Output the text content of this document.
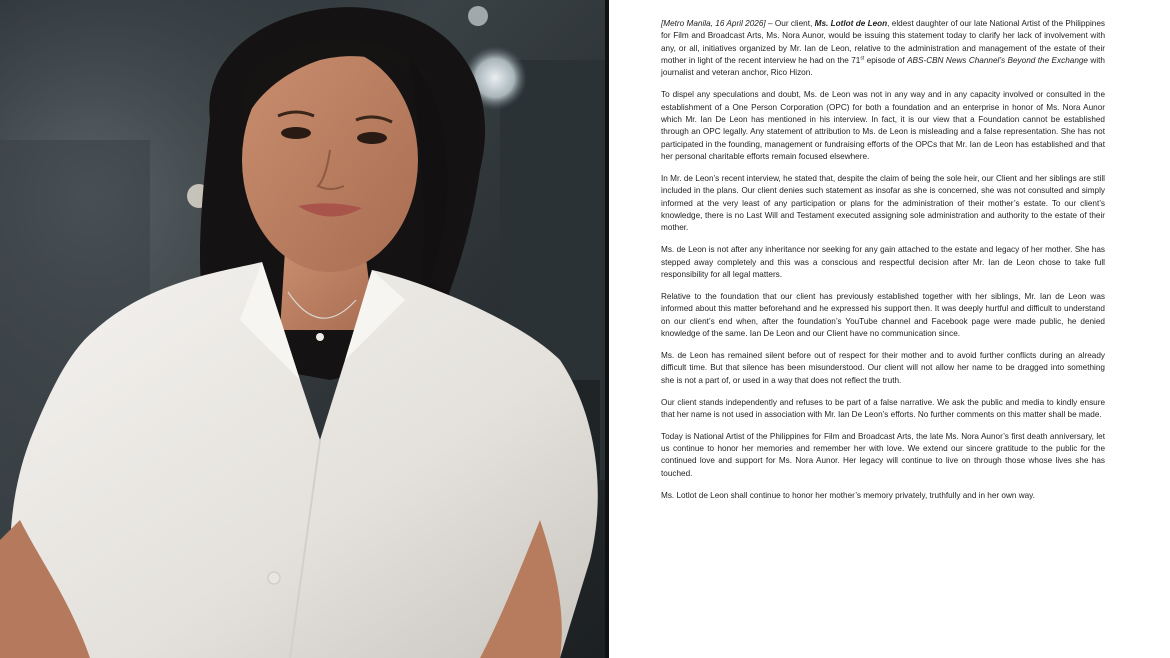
[Metro Manila, 16 April 2026] – Our client, Ms. Lotlot de Leon, eldest daughter of our late National Artist of the Philippines for Film and Broadcast Arts, Ms. Nora Aunor, would be issuing this statement today to clarify her lack of involvement with any, or all, initiatives organized by Mr. Ian de Leon, relative to the administration and management of the estate of their mother in light of the recent interview he had on the 71st episode of ABS-CBN News Channel’s Beyond the Exchange with journalist and veteran anchor, Rico Hizon.

To dispel any speculations and doubt, Ms. de Leon was not in any way and in any capacity involved or consulted in the establishment of a One Person Corporation (OPC) for both a foundation and an enterprise in honor of Ms. Nora Aunor which Mr. Ian De Leon has mentioned in his interview. In fact, it is our view that a Foundation cannot be established through an OPC legally. Any statement of attribution to Ms. de Leon is misleading and a false representation. She has not participated in the founding, management or fundraising efforts of the OPCs that Mr. Ian de Leon has established and that her personal charitable efforts remain focused elsewhere.

In Mr. de Leon’s recent interview, he stated that, despite the claim of being the sole heir, our Client and her siblings are still included in the plans. Our client denies such statement as insofar as she is concerned, she was not consulted and simply informed at the very least of any participation or plans for the administration of their mother’s estate. To our client’s knowledge, there is no Last Will and Testament executed assigning sole administration and authority to the estate of their mother.

Ms. de Leon is not after any inheritance nor seeking for any gain attached to the estate and legacy of her mother. She has stepped away completely and this was a conscious and respectful decision after Mr. Ian de Leon chose to take full responsibility for all legal matters.

Relative to the foundation that our client has previously established together with her siblings, Mr. Ian de Leon was informed about this matter beforehand and he expressed his support then. It was deeply hurtful and difficult to understand on our client’s end when, after the foundation’s YouTube channel and Facebook page were made public, he denied knowledge of the same. Ian De Leon and our Client have no communication since.

Ms. de Leon has remained silent before out of respect for their mother and to avoid further conflicts during an already difficult time. But that silence has been misunderstood. Our client will not allow her name to be dragged into something she is not a part of, or used in a way that does not reflect the truth.

Our client stands independently and refuses to be part of a false narrative. We ask the public and media to kindly ensure that her name is not used in association with Mr. Ian De Leon’s efforts. No further comments on this matter shall be made.

Today is National Artist of the Philippines for Film and Broadcast Arts, the late Ms. Nora Aunor’s first death anniversary, let us continue to honor her memories and remember her with love. We extend our sincere gratitude to the public for the continued love and support for Ms. Nora Aunor. Her legacy will continue to live on through those whose lives she has touched.

Ms. Lotlot de Leon shall continue to honor her mother’s memory privately, truthfully and in her own way.
